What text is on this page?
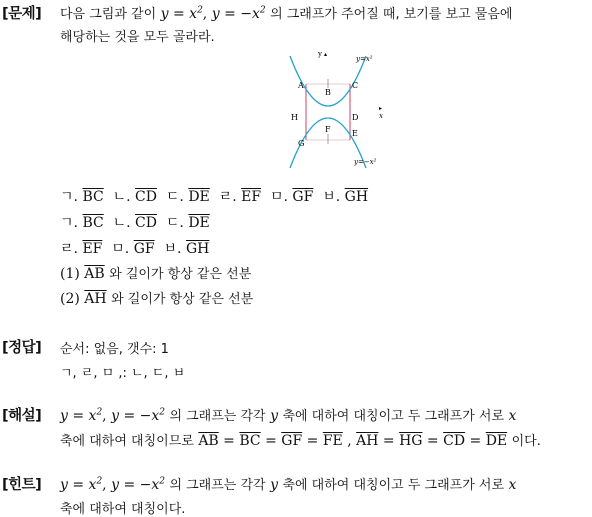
[문제] 다음 그림과 같이 $y = x^2$, $y = -x^2$ 의 그래프가 주어질 때, 보기를 보고 물음에
해당하는 것을 모두 골라라.
y ▴
x
▸
y=x²
y=−x²
A
B
C
D
E
F
G
H
ㄱ. $\overline{BC}$ ㄴ. $\overline{CD}$ ㄷ. $\overline{DE}$ ㄹ. $\overline{EF}$ ㅁ. $\overline{GF}$ ㅂ. $\overline{GH}$
ㄱ. $\overline{BC}$ ㄴ. $\overline{CD}$ ㄷ. $\overline{DE}$
ㄹ. $\overline{EF}$ ㅁ. $\overline{GF}$ ㅂ. $\overline{GH}$
(1) $\overline{AB}$ 와 길이가 항상 같은 선분
(2) $\overline{AH}$ 와 길이가 항상 같은 선분
[정답] 순서: 없음, 갯수: 1
ㄱ, ㄹ, ㅁ ,: ㄴ, ㄷ, ㅂ
[해설] $y = x^2$, $y = -x^2$ 의 그래프는 각각 y 축에 대하여 대칭이고 두 그래프가 서로 x
축에 대하여 대칭이므로 $\overline{AB} = \overline{BC} = \overline{GF} = \overline{FE}$ , $\overline{AH} = \overline{HG} = \overline{CD} = \overline{DE}$ 이다.
[힌트] $y = x^2$, $y = -x^2$ 의 그래프는 각각 y 축에 대하여 대칭이고 두 그래프가 서로 x
축에 대하여 대칭이다.
